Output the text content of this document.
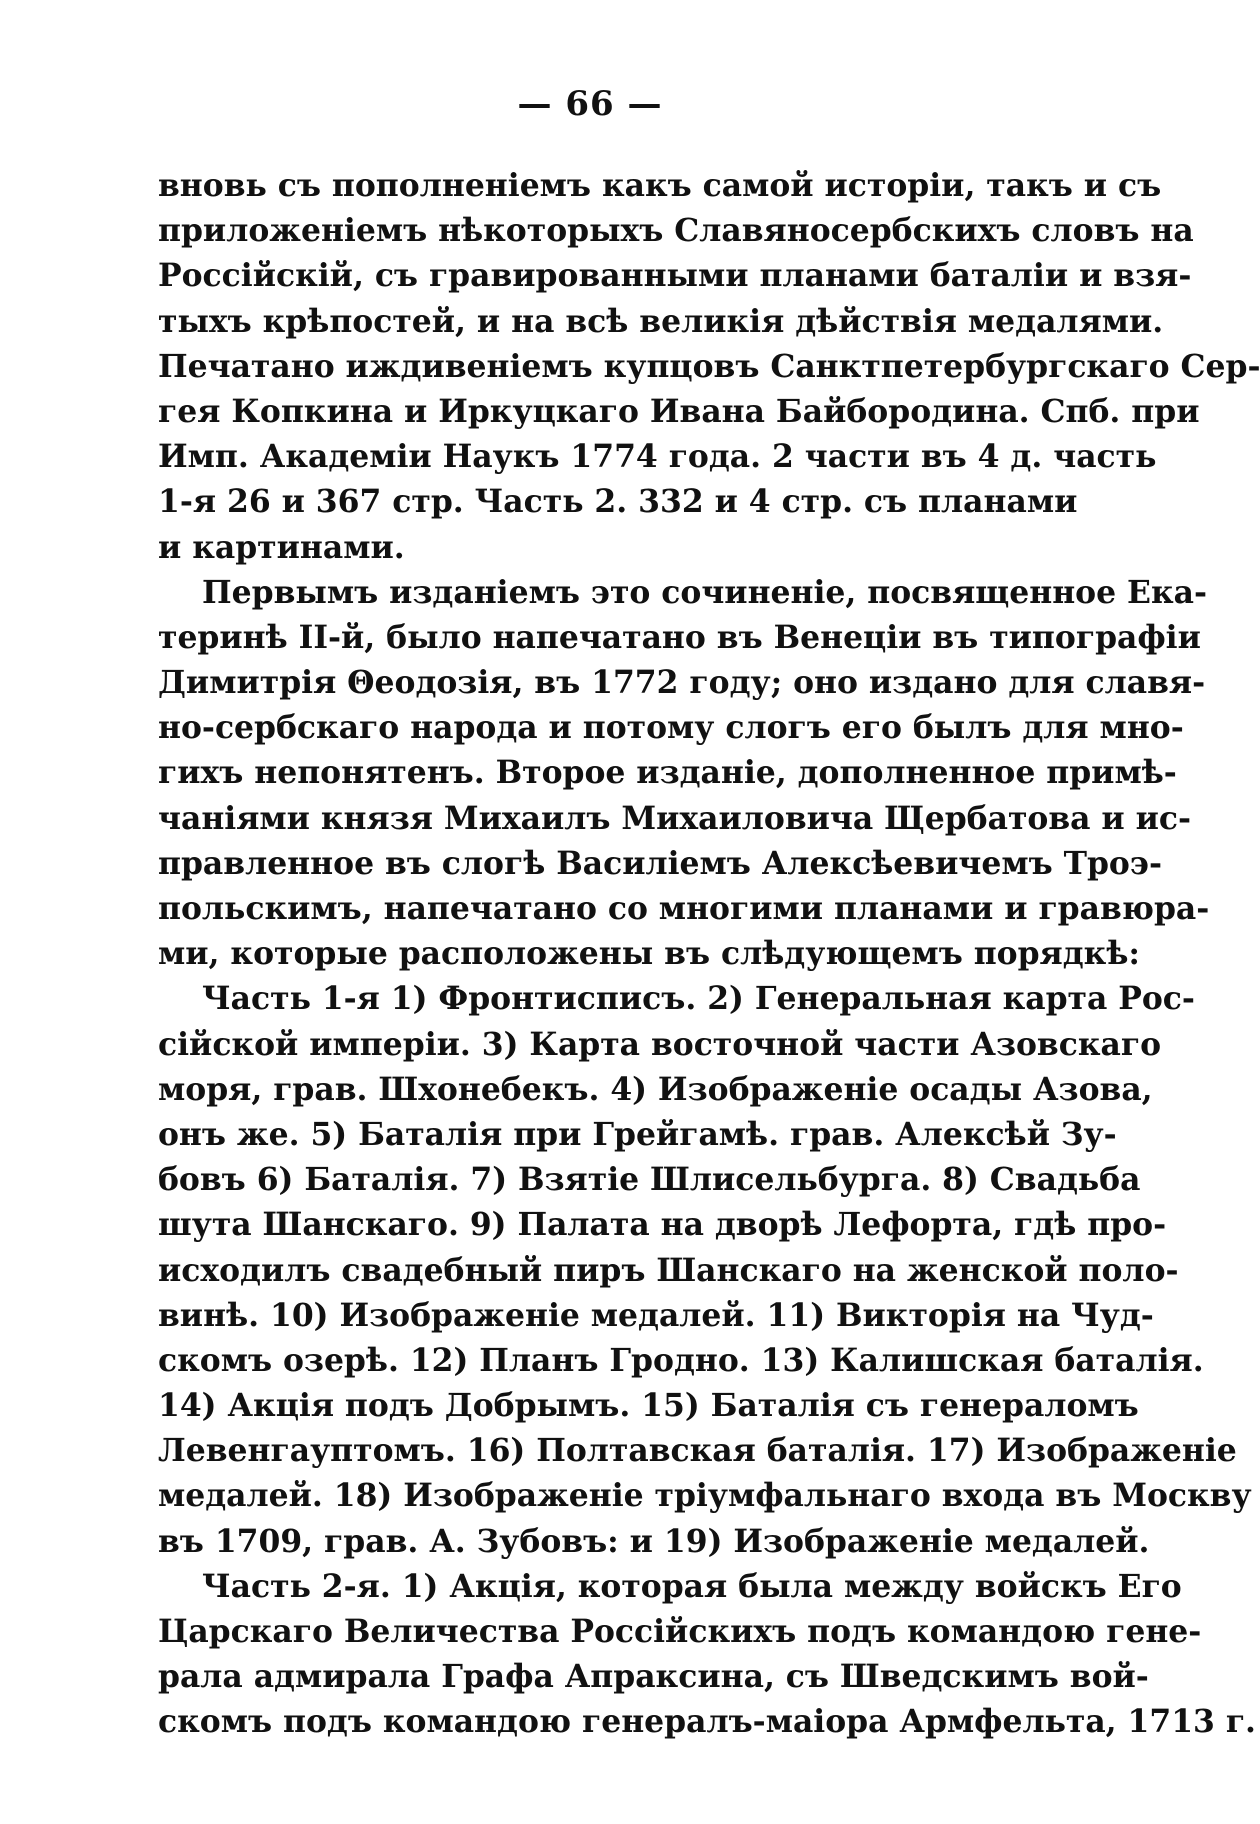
— 66 —
вновь съ пополненіемъ какъ самой исторіи, такъ и съ
приложеніемъ нѣкоторыхъ Славяносербскихъ словъ на
Россійскій, съ гравированными планами баталіи и взя-
тыхъ крѣпостей, и на всѣ великія дѣйствія медалями.
Печатано иждивеніемъ купцовъ Санктпетербургскаго Сер-
гея Копкина и Иркуцкаго Ивана Байбородина. Спб. при
Имп. Академіи Наукъ 1774 года. 2 части въ 4 д. часть
1-я 26 и 367 стр. Часть 2. 332 и 4 стр. съ планами
и картинами.
Первымъ изданіемъ это сочиненіе, посвященное Ека-
теринѣ II-й, было напечатано въ Венеціи въ типографіи
Димитрія Θеодозія, въ 1772 году; оно издано для славя-
но-сербскаго народа и потому слогъ его былъ для мно-
гихъ непонятенъ. Второе изданіе, дополненное примѣ-
чаніями князя Михаилъ Михаиловича Щербатова и ис-
правленное въ слогѣ Василіемъ Алексѣевичемъ Троэ-
польскимъ, напечатано со многими планами и гравюра-
ми, которые расположены въ слѣдующемъ порядкѣ:
Часть 1-я 1) Фронтисписъ. 2) Генеральная карта Рос-
сійской имперіи. 3) Карта восточной части Азовскаго
моря, грав. Шхонебекъ. 4) Изображеніе осады Азова,
онъ же. 5) Баталія при Грейгамѣ. грав. Алексѣй Зу-
бовъ 6) Баталія. 7) Взятіе Шлисельбурга. 8) Свадьба
шута Шанскаго. 9) Палата на дворѣ Лефорта, гдѣ про-
исходилъ свадебный пиръ Шанскаго на женской поло-
винѣ. 10) Изображеніе медалей. 11) Викторія на Чуд-
скомъ озерѣ. 12) Планъ Гродно. 13) Калишская баталія.
14) Акція подъ Добрымъ. 15) Баталія съ генераломъ
Левенгауптомъ. 16) Полтавская баталія. 17) Изображеніе
медалей. 18) Изображеніе тріумфальнаго входа въ Москву
въ 1709, грав. А. Зубовъ: и 19) Изображеніе медалей.
Часть 2-я. 1) Акція, которая была между войскъ Его
Царскаго Величества Россійскихъ подъ командою гене-
рала адмирала Графа Апраксина, съ Шведскимъ вой-
скомъ подъ командою генералъ-маіора Армфельта, 1713 г.
